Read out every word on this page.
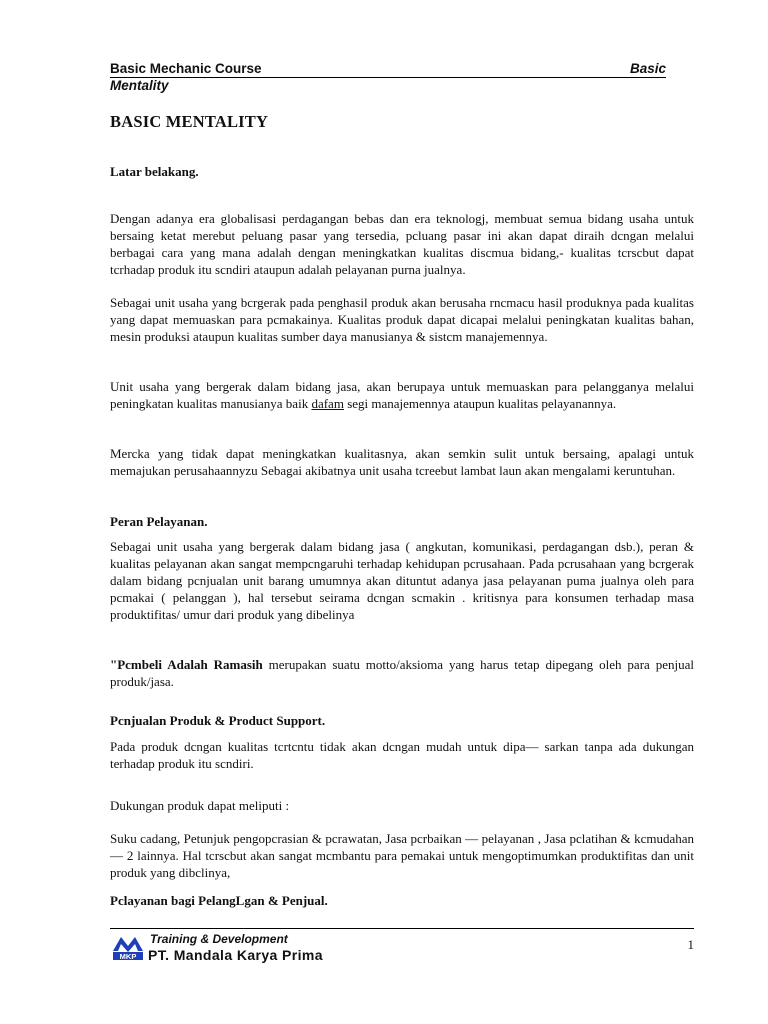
Basic Mechanic Course	Basic
Mentality
BASIC MENTALITY
Latar belakang.

Dengan adanya era globalisasi perdagangan bebas dan era teknologj, membuat semua bidang usaha untuk bersaing ketat merebut peluang pasar yang tersedia, pcluang pasar ini akan dapat diraih dcngan melalui berbagai cara yang mana adalah dengan meningkatkan kualitas discmua bidang,- kualitas tcrscbut dapat tcrhadap produk itu scndiri ataupun adalah pelayanan purna jualnya.

Sebagai unit usaha yang bcrgerak pada penghasil produk akan berusaha rncmacu hasil produknya pada kualitas yang dapat memuaskan para pcmakainya. Kualitas produk dapat dicapai melalui peningkatan kualitas bahan, mesin produksi ataupun kualitas sumber daya manusianya & sistcm manajemennya.

Unit usaha yang bergerak dalam bidang jasa, akan berupaya untuk memuaskan para pelangganya melalui peningkatan kualitas manusianya baik dafam segi manajemennya ataupun kualitas pelayanannya.

Mercka yang tidak dapat meningkatkan kualitasnya, akan semkin sulit untuk bersaing, apalagi untuk memajukan perusahaannyzu Sebagai akibatnya unit usaha tcreebut lambat laun akan mengalami keruntuhan.

Peran Pelayanan.

Sebagai unit usaha yang bergerak dalam bidang jasa ( angkutan, komunikasi, perdagangan dsb.), peran & kualitas pelayanan akan sangat mempcngaruhi terhadap kehidupan pcrusahaan. Pada pcrusahaan yang bcrgerak dalam bidang pcnjualan unit barang umumnya akan dituntut adanya jasa pelayanan puma jualnya oleh para pcmakai ( pelanggan ), hal tersebut seirama dcngan scmakin . kritisnya para konsumen terhadap masa produktifitas/ umur dari produk yang dibelinya

"Pcmbeli Adalah Ramasih merupakan suatu motto/aksioma yang harus tetap dipegang oleh para penjual produk/jasa.

Pcnjualan Produk & Product Support.

Pada produk dcngan kualitas tcrtcntu tidak akan dcngan mudah untuk dipa— sarkan tanpa ada dukungan terhadap produk itu scndiri.

Dukungan produk dapat meliputi :

Suku cadang, Petunjuk pengopcrasian & pcrawatan, Jasa pcrbaikan — pelayanan , Jasa pclatihan & kcmudahan— 2 lainnya. Hal tcrscbut akan sangat mcmbantu para pemakai untuk mengoptimumkan produktifitas dan unit produk yang dibclinya,

Pclayanan bagi PelangLgan & Penjual.
MKP

Training & Development

PT. Mandala Karya Prima

1
